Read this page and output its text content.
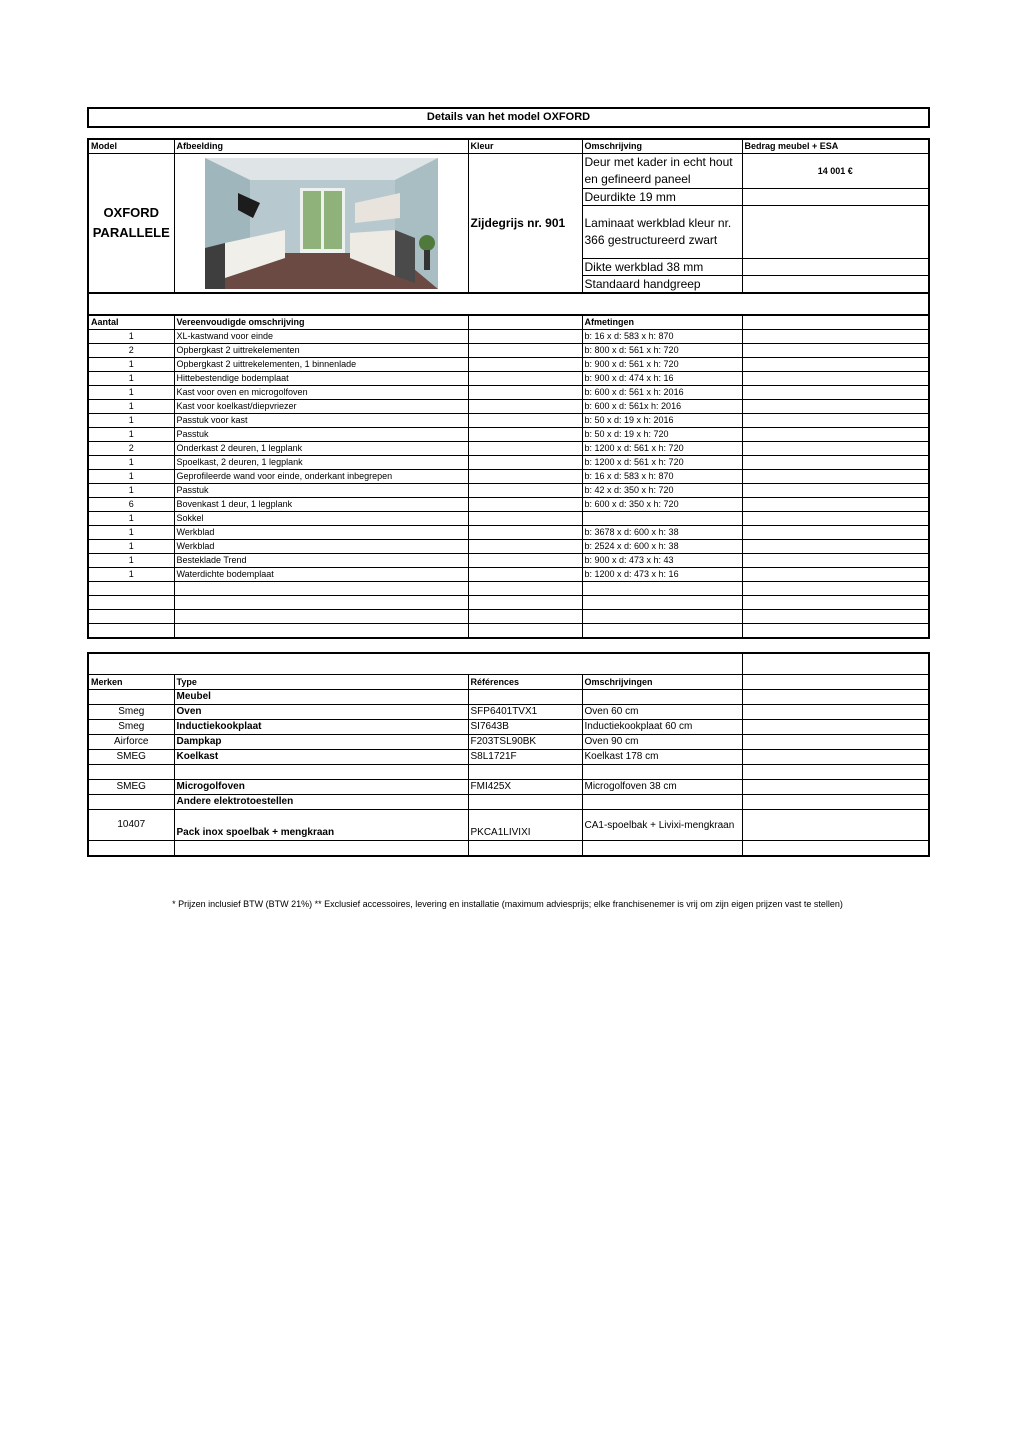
Details van het model OXFORD
Model	Afbeelding	Kleur	Omschrijving	Bedrag meubel + ESA
OXFORD PARALLELE		Zijdegrijs nr. 901	Deur met kader in echt hout en gefineerd paneel	14 001 €
			Deurdikte 19 mm	
			Laminaat werkblad kleur nr. 366 gestructureerd zwart	
			Dikte werkblad 38 mm	
			Standaard handgreep	
Aantal	Vereenvoudigde omschrijving		Afmetingen	
1	XL-kastwand voor einde		b: 16 x d: 583 x h: 870	
2	Opbergkast 2 uittrekelementen		b: 800 x d: 561 x h: 720	
1	Opbergkast 2 uittrekelementen, 1 binnenlade		b: 900 x d: 561 x h: 720	
1	Hittebestendige bodemplaat		b: 900 x d: 474 x h: 16	
1	Kast voor oven en microgolfoven		b: 600 x d: 561 x h: 2016	
1	Kast voor koelkast/diepvriezer		b: 600 x d: 561x h: 2016	
1	Passtuk voor kast		b: 50 x d: 19 x h: 2016	
1	Passtuk		b: 50 x d: 19 x h: 720	
2	Onderkast 2 deuren, 1 legplank		b: 1200 x d: 561 x h: 720	
1	Spoelkast, 2 deuren, 1 legplank		b: 1200 x d: 561 x h: 720	
1	Geprofileerde wand voor einde, onderkant inbegrepen		b: 16 x d: 583 x h: 870	
1	Passtuk		b: 42 x d: 350 x h: 720	
6	Bovenkast 1 deur, 1 legplank		b: 600 x d: 350 x h: 720	
1	Sokkel			
1	Werkblad		b: 3678 x d: 600 x h: 38	
1	Werkblad		b: 2524 x d: 600 x h: 38	
1	Besteklade Trend		b: 900 x d: 473 x h: 43	
1	Waterdichte bodemplaat		b: 1200 x d: 473 x h: 16	

Merken	Type	Références	Omschrijvingen	
	Meubel			
Smeg	Oven	SFP6401TVX1	Oven 60 cm	
Smeg	Inductiekookplaat	SI7643B	Inductiekookplaat 60 cm	
Airforce	Dampkap	F203TSL90BK	Oven 90 cm	
SMEG	Koelkast	S8L1721F	Koelkast 178 cm	

SMEG	Microgolfoven	FMI425X	Microgolfoven 38 cm	
	Andere elektrotoestellen			
10407	Pack inox spoelbak + mengkraan	PKCA1LIVIXI	CA1-spoelbak + Livixi-mengkraan	

* Prijzen inclusief BTW (BTW 21%) ** Exclusief accessoires, levering en installatie (maximum adviesprijs; elke franchisenemer is vrij om zijn eigen prijzen vast te stellen)
